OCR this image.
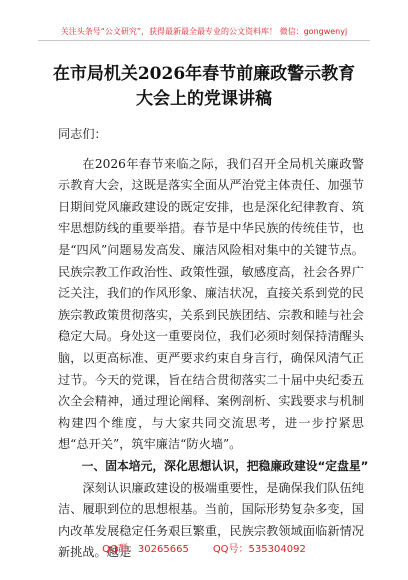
关注头条号“公文研究”，获得最新最全最专业的公文资料库！ 微信：gongwenyj
在市局机关2026年春节前廉政警示教育
大会上的党课讲稿

同志们：

在2026年春节来临之际，我们召开全局机关廉政警示教育大会，这既是落实全面从严治党主体责任、加强节日期间党风廉政建设的既定安排，也是深化纪律教育、筑牢思想防线的重要举措。春节是中华民族的传统佳节，也是“四风”问题易发高发、廉洁风险相对集中的关键节点。民族宗教工作政治性、政策性强，敏感度高，社会各界广泛关注，我们的作风形象、廉洁状况，直接关系到党的民族宗教政策贯彻落实，关系到民族团结、宗教和睦与社会稳定大局。身处这一重要岗位，我们必须时刻保持清醒头脑，以更高标准、更严要求约束自身言行，确保风清气正过节。今天的党课，旨在结合贯彻落实二十届中央纪委五次全会精神，通过理论阐释、案例剖析、实践要求与机制构建四个维度，与大家共同交流思考，进一步拧紧思想“总开关”，筑牢廉洁“防火墙”。

一、固本培元，深化思想认识，把稳廉政建设“定盘星”

深刻认识廉政建设的极端重要性，是确保我们队伍纯洁、履职到位的思想根基。当前，国际形势复杂多变，国内改革发展稳定任务艰巨繁重，民族宗教领域面临新情况新挑战。越是

QQ群：30265665 QQ号：535304092
